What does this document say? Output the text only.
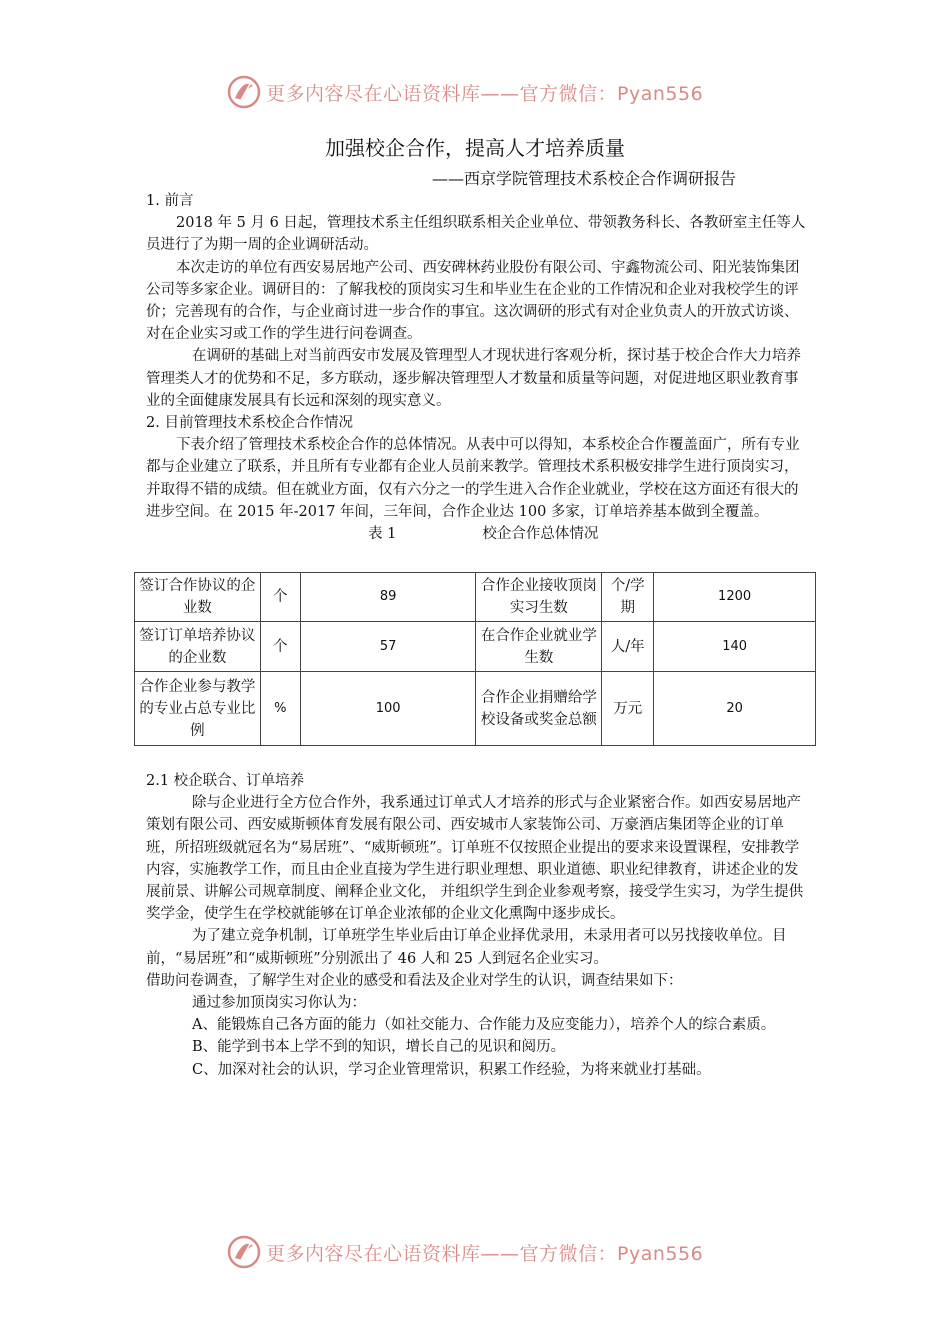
更多内容尽在心语资料库——官方微信：Pyan556
加强校企合作，提高人才培养质量
——西京学院管理技术系校企合作调研报告

1. 前言

2018 年 5 月 6 日起，管理技术系主任组织联系相关企业单位、带领教务科长、各教研室主任等人员进行了为期一周的企业调研活动。

本次走访的单位有西安易居地产公司、西安碑林药业股份有限公司、宇鑫物流公司、阳光装饰集团公司等多家企业。调研目的：了解我校的顶岗实习生和毕业生在企业的工作情况和企业对我校学生的评价；完善现有的合作，与企业商讨进一步合作的事宜。这次调研的形式有对企业负责人的开放式访谈、对在企业实习或工作的学生进行问卷调查。

在调研的基础上对当前西安市发展及管理型人才现状进行客观分析，探讨基于校企合作大力培养管理类人才的优势和不足，多方联动，逐步解决管理型人才数量和质量等问题，对促进地区职业教育事业的全面健康发展具有长远和深刻的现实意义。

2. 目前管理技术系校企合作情况

下表介绍了管理技术系校企合作的总体情况。从表中可以得知，本系校企合作覆盖面广，所有专业都与企业建立了联系，并且所有专业都有企业人员前来教学。管理技术系积极安排学生进行顶岗实习，并取得不错的成绩。但在就业方面，仅有六分之一的学生进入合作企业就业，学校在这方面还有很大的进步空间。在 2015 年-2017 年间，三年间，合作企业达 100 多家，订单培养基本做到全覆盖。

表 1	校企合作总体情况

签订合作协议的企业数	个	89	合作企业接收顶岗实习生数	个/学期	1200
签订订单培养协议的企业数	个	57	在合作企业就业学生数	人/年	140
合作企业参与教学的专业占总专业比例	%	100	合作企业捐赠给学校设备或奖金总额	万元	20

2.1 校企联合、订单培养

除与企业进行全方位合作外，我系通过订单式人才培养的形式与企业紧密合作。如西安易居地产策划有限公司、西安威斯顿体育发展有限公司、西安城市人家装饰公司、万豪酒店集团等企业的订单班，所招班级就冠名为“易居班”、“威斯顿班”。订单班不仅按照企业提出的要求来设置课程，安排教学内容，实施教学工作，而且由企业直接为学生进行职业理想、职业道德、职业纪律教育，讲述企业的发展前景、讲解公司规章制度、阐释企业文化， 并组织学生到企业参观考察，接受学生实习，为学生提供奖学金，使学生在学校就能够在订单企业浓郁的企业文化熏陶中逐步成长。

为了建立竞争机制，订单班学生毕业后由订单企业择优录用，未录用者可以另找接收单位。目前，“易居班”和“威斯顿班”分别派出了 46 人和 25 人到冠名企业实习。

借助问卷调查，了解学生对企业的感受和看法及企业对学生的认识，调查结果如下：

通过参加顶岗实习你认为：

A、能锻炼自己各方面的能力（如社交能力、合作能力及应变能力），培养个人的综合素质。

B、能学到书本上学不到的知识，增长自己的见识和阅历。

C、加深对社会的认识，学习企业管理常识，积累工作经验，为将来就业打基础。

更多内容尽在心语资料库——官方微信：Pyan556
